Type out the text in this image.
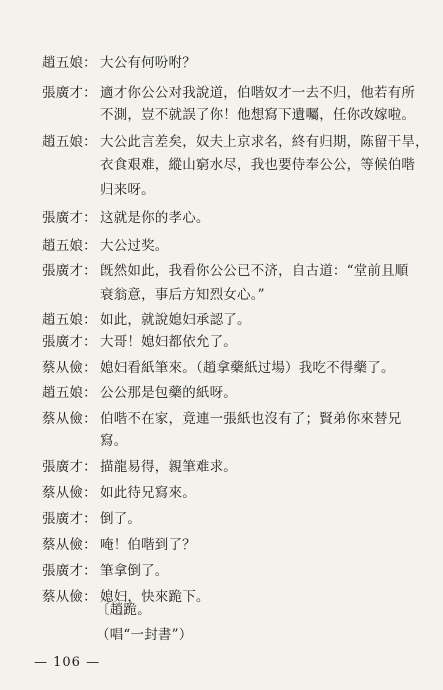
趙五娘： 大公有何吩咐？
張廣才： 適才你公公对我說道，伯喈奴才一去不归，他若有所
不測，豈不就誤了你！他想寫下遺囑，任你改嫁啦。
趙五娘： 大公此言差矣，奴夫上京求名，終有归期，陈留干旱，
衣食艰难，縱山窮水尽，我也要侍奉公公，等候伯喈
归来呀。
張廣才： 这就是你的孝心。
趙五娘： 大公过奖。
張廣才： 旣然如此，我看你公公已不济，自古道：“堂前且順
衰翁意，事后方知烈女心。”
趙五娘： 如此，就說媳妇承認了。
張廣才： 大哥！媳妇都依允了。
蔡从儉： 媳妇看紙筆來。（趙拿藥紙过場）我吃不得藥了。
趙五娘： 公公那是包藥的紙呀。
蔡从儉： 伯喈不在家，竟連一張紙也沒有了；賢弟你來替兄
寫。
張廣才： 描龍易得，親筆难求。
蔡从儉： 如此待兄寫來。
張廣才： 倒了。
蔡从儉： 唵！伯喈到了？
張廣才： 筆拿倒了。
蔡从儉： 媳妇，快來跪下。
〔趙跪。
（唱“一封書”）
— 106 —
